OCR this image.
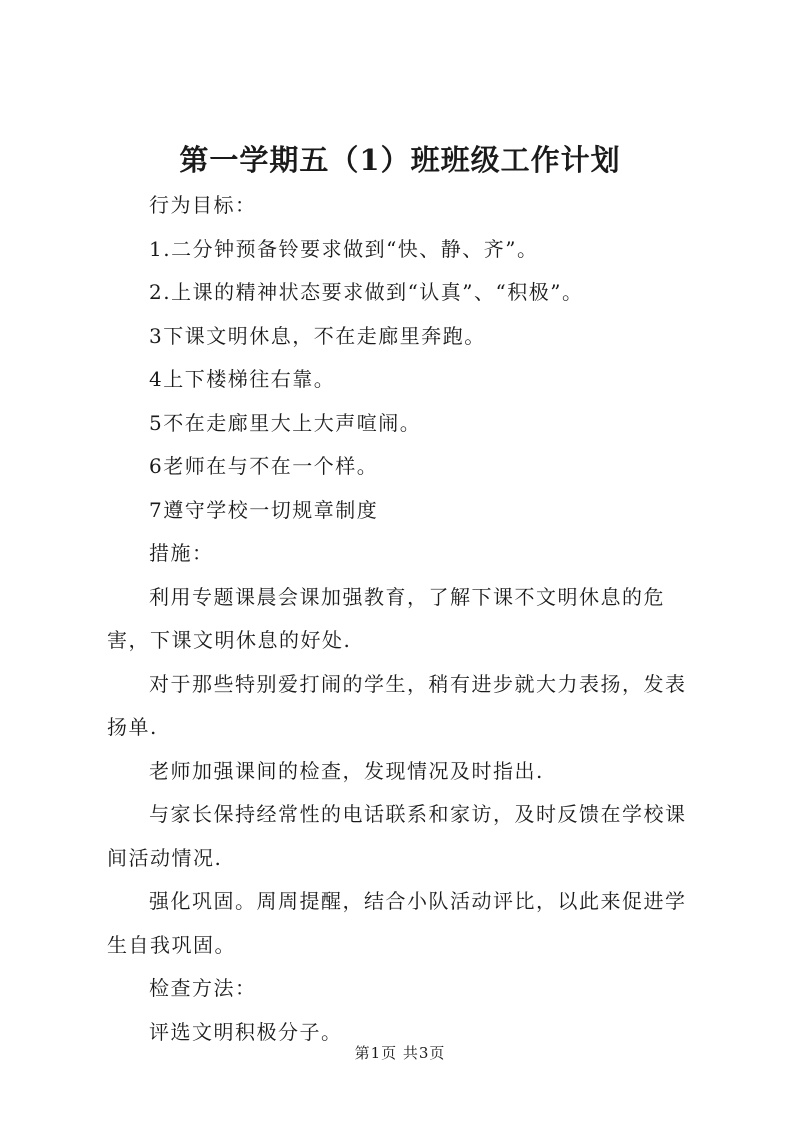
第一学期五（1）班班级工作计划

行为目标：

1.二分钟预备铃要求做到“快、静、齐”。

2.上课的精神状态要求做到“认真”、“积极”。

3下课文明休息，不在走廊里奔跑。

4上下楼梯往右靠。

5不在走廊里大上大声喧闹。

6老师在与不在一个样。

7遵守学校一切规章制度

措施：

利用专题课晨会课加强教育，了解下课不文明休息的危害，下课文明休息的好处.

对于那些特别爱打闹的学生，稍有进步就大力表扬，发表扬单.

老师加强课间的检查，发现情况及时指出.

与家长保持经常性的电话联系和家访，及时反馈在学校课间活动情况.

强化巩固。周周提醒，结合小队活动评比，以此来促进学生自我巩固。

检查方法：

评选文明积极分子。

第1页 共3页
